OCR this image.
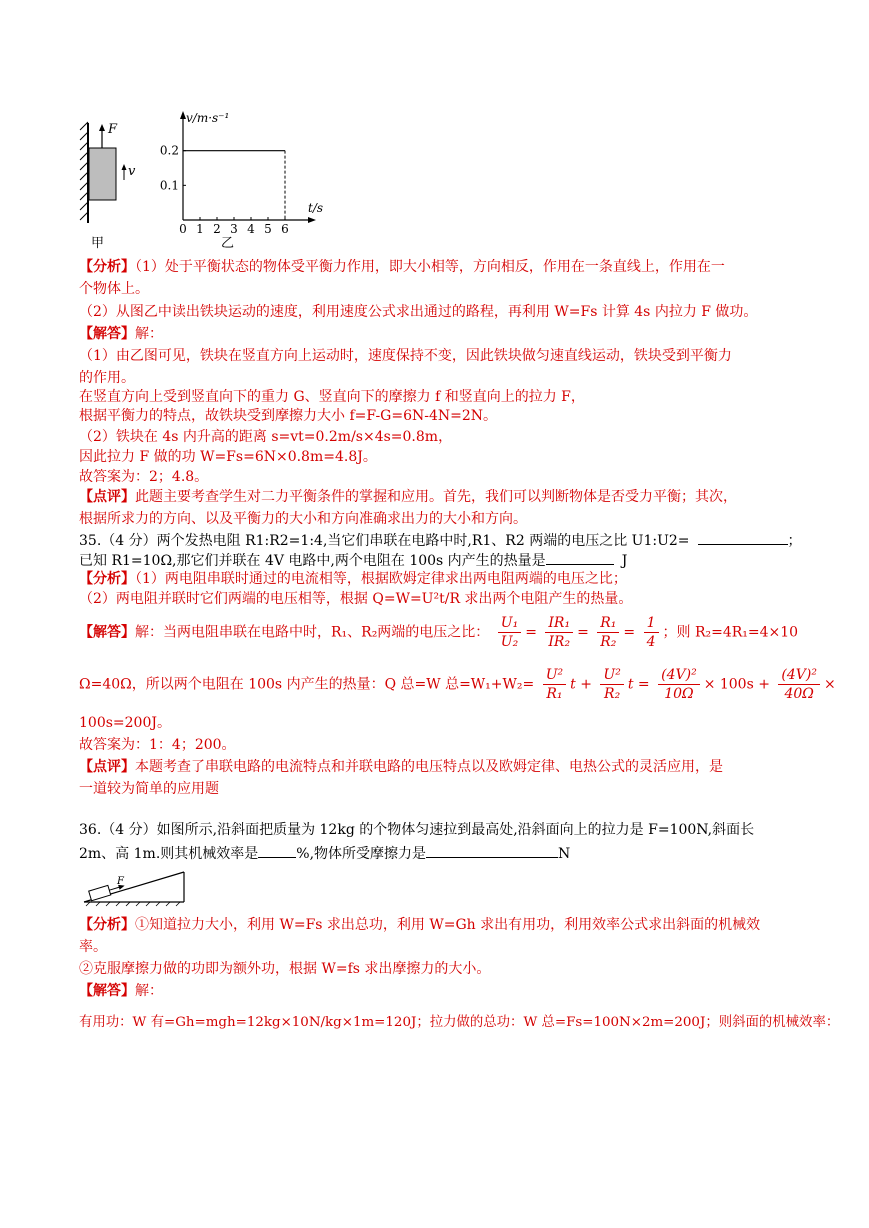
F
v
甲
v/m·s⁻¹
t/s
0 1 2 3 4 5 6
0.1
0.2
乙
【分析】（1）处于平衡状态的物体受平衡力作用，即大小相等，方向相反，作用在一条直线上，作用在一
个物体上。
（2）从图乙中读出铁块运动的速度，利用速度公式求出通过的路程，再利用 W=Fs 计算 4s 内拉力 F 做功。
【解答】解：
（1）由乙图可见，铁块在竖直方向上运动时，速度保持不变，因此铁块做匀速直线运动，铁块受到平衡力
的作用。
在竖直方向上受到竖直向下的重力 G、竖直向下的摩擦力 f 和竖直向上的拉力 F，
根据平衡力的特点，故铁块受到摩擦力大小 f=F-G=6N-4N=2N。
（2）铁块在 4s 内升高的距离 s=vt=0.2m/s×4s=0.8m，
因此拉力 F 做的功 W=Fs=6N×0.8m=4.8J。
故答案为：2；4.8。
【点评】此题主要考查学生对二力平衡条件的掌握和应用。首先，我们可以判断物体是否受力平衡；其次，
根据所求力的方向、以及平衡力的大小和方向准确求出力的大小和方向。
35.（4 分）两个发热电阻 R1:R2=1:4,当它们串联在电路中时,R1、R2 两端的电压之比 U1:U2=	；
已知 R1=10Ω,那它们并联在 4V 电路中,两个电阻在 100s 内产生的热量是	J
【分析】（1）两电阻串联时通过的电流相等，根据欧姆定律求出两电阻两端的电压之比；
（2）两电阻并联时它们两端的电压相等，根据 Q=W=U²t/R 求出两个电阻产生的热量。
【解答】解：当两电阻串联在电路中时，R₁、R₂两端的电压之比： $\frac{\text{U₁}}{\text{U₂}} = \frac{\text{IR₁}}{\text{IR₂}} = \frac{\text{R₁}}{\text{R₂}} = \frac{1}{4}$ ；则 R₂=4R₁=4×10
Ω=40Ω，所以两个电阻在 100s 内产生的热量：Q 总=W 总$=W_1+W_2= \frac{\text{U²}}{\text{R₁}}$ $t + \frac{\text{U²}}{\text{R₂}}$ $t = \frac{\text{(4V)²}}{10\Omega} \times 100s + \frac{\text{(4V)²}}{40\Omega}$ ×
100s=200J。
故答案为：1：4；200。
【点评】本题考查了串联电路的电流特点和并联电路的电压特点以及欧姆定律、电热公式的灵活应用，是
一道较为简单的应用题
36.（4 分）如图所示,沿斜面把质量为 12kg 的个物体匀速拉到最高处,沿斜面向上的拉力是 F=100N,斜面长
2m、高 1m.则其机械效率是	%,物体所受摩擦力是	N
F
【分析】①知道拉力大小，利用 W=Fs 求出总功，利用 W=Gh 求出有用功，利用效率公式求出斜面的机械效
率。
②克服摩擦力做的功即为额外功，根据 W=fs 求出摩擦力的大小。
【解答】解：
有用功：W 有=Gh=mgh=12kg×10N/kg×1m=120J；拉力做的总功：W 总=Fs=100N×2m=200J；则斜面的机械效率：
